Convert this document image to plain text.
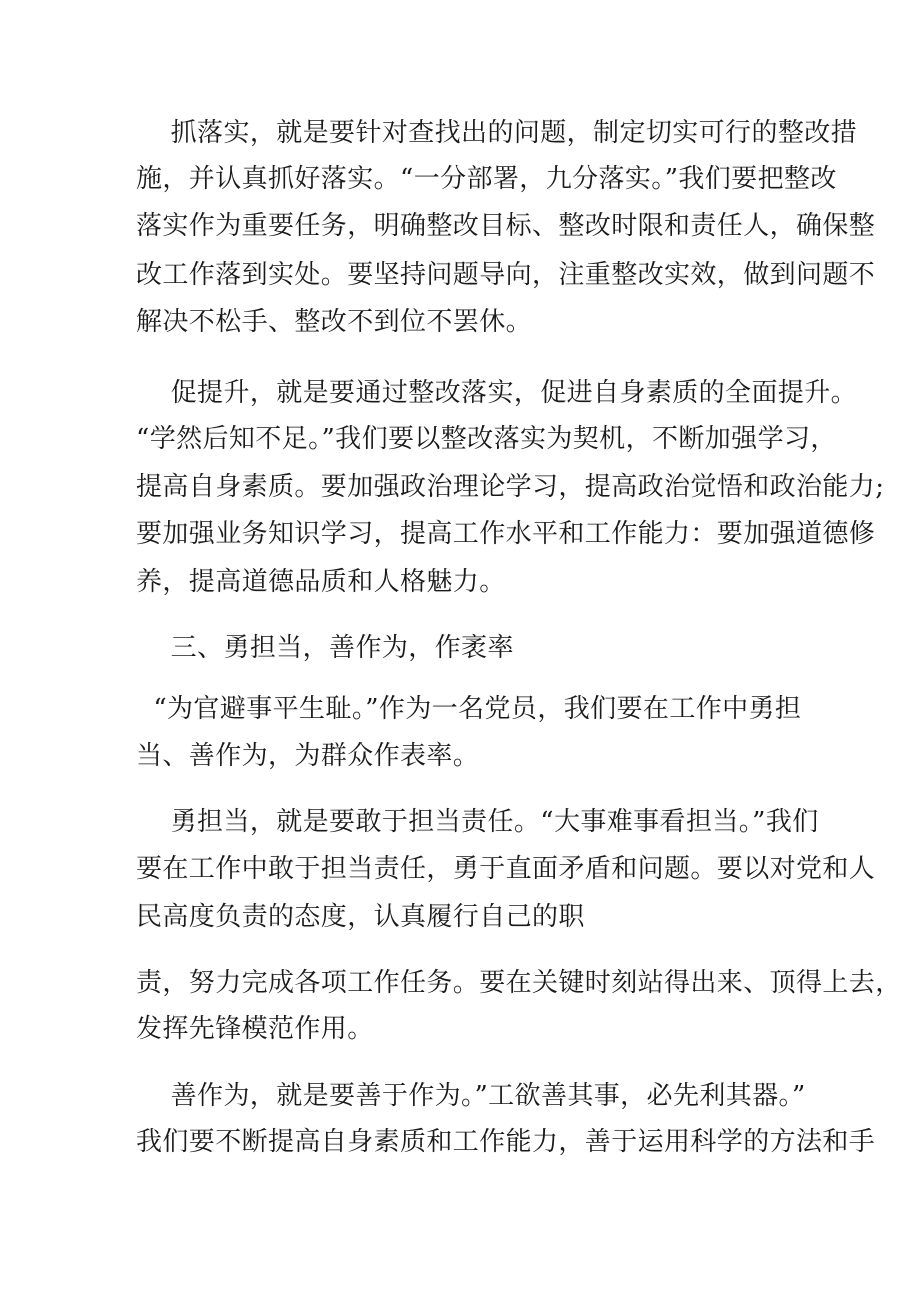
抓落实，就是要针对查找出的问题，制定切实可行的整改措
施，并认真抓好落实。“一分部署，九分落实。”我们要把整改
落实作为重要任务，明确整改目标、整改时限和责任人，确保整
改工作落到实处。要坚持问题导向，注重整改实效，做到问题不
解决不松手、整改不到位不罢休。
促提升，就是要通过整改落实，促进自身素质的全面提升。
“学然后知不足。”我们要以整改落实为契机，不断加强学习，
提高自身素质。要加强政治理论学习，提高政治觉悟和政治能力;
要加强业务知识学习，提高工作水平和工作能力：要加强道德修
养，提高道德品质和人格魅力。
三、勇担当，善作为，作袤率
“为官避事平生耻。”作为一名党员，我们要在工作中勇担
当、善作为，为群众作表率。
勇担当，就是要敢于担当责任。“大事难事看担当。”我们
要在工作中敢于担当责任，勇于直面矛盾和问题。要以对党和人
民高度负责的态度，认真履行自己的职
责，努力完成各项工作任务。要在关键时刻站得出来、顶得上去，
发挥先锋模范作用。
善作为，就是要善于作为。”工欲善其事，必先利其器。”
我们要不断提高自身素质和工作能力，善于运用科学的方法和手
